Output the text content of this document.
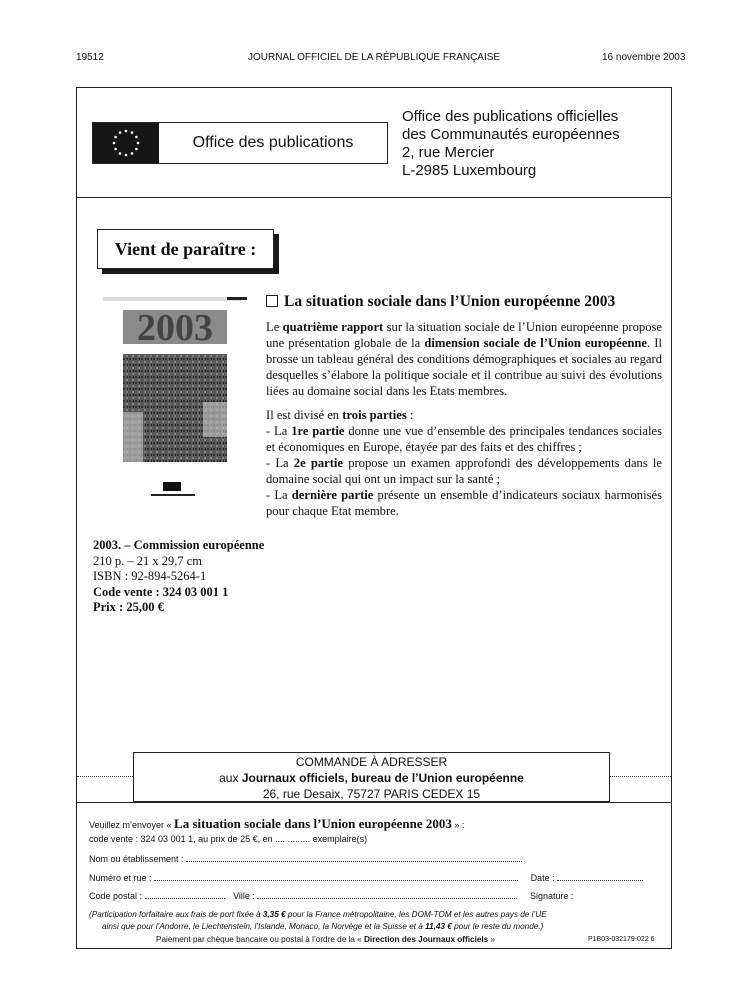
19512	JOURNAL OFFICIEL DE LA RÉPUBLIQUE FRANÇAISE	16 novembre 2003
Office des publications
Office des publications officielles
des Communautés européennes
2, rue Mercier
L-2985 Luxembourg
Vient de paraître :
2003
La situation sociale dans l’Union européenne 2003
Le quatrième rapport sur la situation sociale de l’Union européenne propose une présentation globale de la dimension sociale de l’Union européenne. Il brosse un tableau général des conditions démographiques et sociales au regard desquelles s’élabore la politique sociale et il contribue au suivi des évolutions liées au domaine social dans les Etats membres.
Il est divisé en trois parties :
- La 1re partie donne une vue d’ensemble des principales tendances sociales et économiques en Europe, étayée par des faits et des chiffres ;
- La 2e partie propose un examen approfondi des développements dans le domaine social qui ont un impact sur la santé ;
- La dernière partie présente un ensemble d’indicateurs sociaux harmonisés pour chaque Etat membre.
2003. – Commission européenne
210 p. – 21 x 29,7 cm
ISBN : 92-894-5264-1
Code vente : 324 03 001 1
Prix : 25,00 €
COMMANDE À ADRESSER
aux Journaux officiels, bureau de l’Union européenne
26, rue Desaix, 75727 PARIS CEDEX 15
Veuillez m’envoyer « La situation sociale dans l’Union européenne 2003 » :
code vente : 324 03 001 1, au prix de 25 €, en .... ......... exemplaire(s)
Nom ou établissement :
Numéro et rue :	Date :
Code postal :	Ville :	Signature :
(Participation forfaitaire aux frais de port fixée à 3,35 € pour la France métropolitaine, les DOM-TOM et les autres pays de l’UE
ainsi que pour l’Andorre, le Liechtenstein, l’Islande, Monaco, la Norvège et la Suisse et à 11,43 € pour le reste du monde.)
Paiement par chèque bancaire ou postal à l’ordre de la « Direction des Journaux officiels »	P1B03-032179-022 6
